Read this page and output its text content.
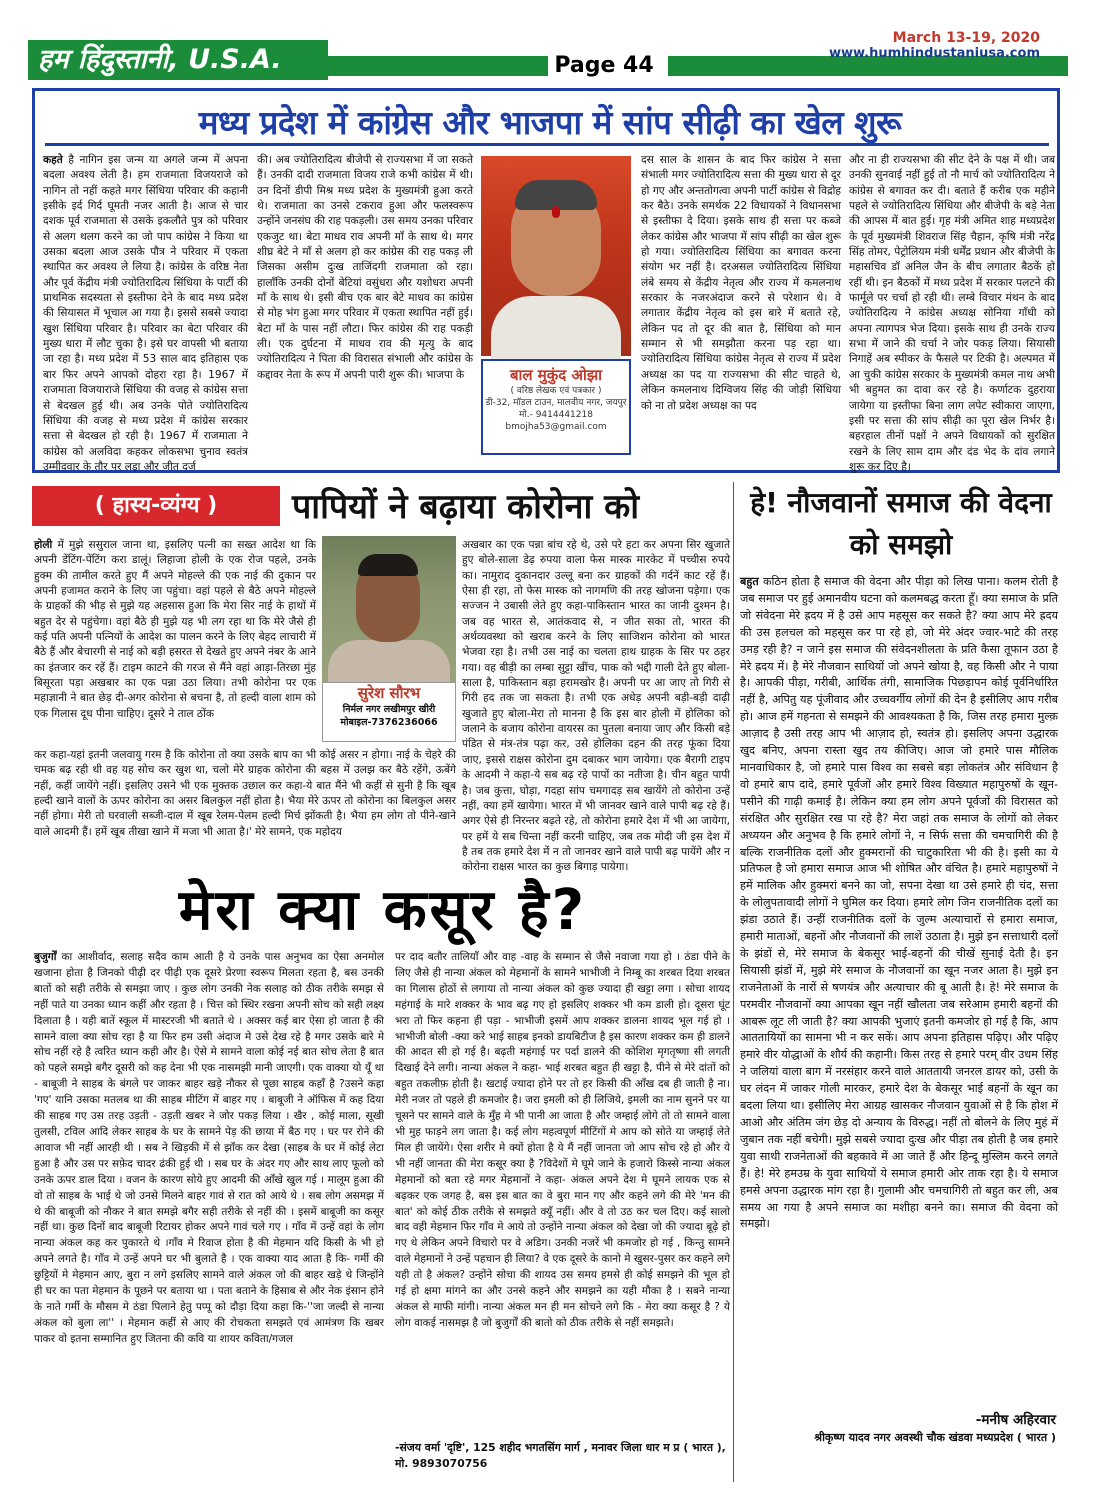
हम हिंदुस्तानी, U.S.A.	Page 44
March 13-19, 2020
www.humhindustaniusa.com
मध्य प्रदेश में कांग्रेस और भाजपा में सांप सीढ़ी का खेल शुरू
कहते है नागिन इस जन्म या अगले जन्म में अपना बदला अवश्य लेती है। हम राजमाता विजयराजे को नागिन तो नहीं कहते मगर सिंधिया परिवार की कहानी इसीके इर्द गिर्द घूमती नजर आती है। आज से चार दशक पूर्व राजमाता से उसके इकलौते पुत्र को परिवार से अलग थलग करने का जो पाप कांग्रेस ने किया था उसका बदला आज उसके पौत्र ने परिवार में एकता स्थापित कर अवश्य ले लिया है। कांग्रेस के वरिष्ठ नेता और पूर्व केंद्रीय मंत्री ज्योतिरादित्य सिंधिया के पार्टी की प्राथमिक सदस्यता से इस्तीफा देने के बाद मध्य प्रदेश की सियासत में भूचाल आ गया है। इससे सबसे ज्यादा खुश सिंधिया परिवार है। परिवार का बेटा परिवार की मुख्य धारा में लौट चुका है। इसे घर वापसी भी बताया जा रहा है। मध्य प्रदेश में 53 साल बाद इतिहास एक बार फिर अपने आपको दोहरा रहा है। 1967 में राजमाता विजयाराजे सिंधिया की वजह से कांग्रेस सत्ता से बेदखल हुई थी। अब उनके पोते ज्योतिरादित्य सिंधिया की वजह से मध्य प्रदेश में कांग्रेस सरकार सत्ता से बेदखल हो रही है। 1967 में राजमाता ने कांग्रेस को अलविदा कहकर लोकसभा चुनाव स्वतंत्र उम्मीदवार के तौर पर लड़ा और जीत दर्ज
की। अब ज्योतिरादित्य बीजेपी से राज्यसभा में जा सकते हैं। उनकी दादी राजमाता विजय राजे कभी कांग्रेस में थी। उन दिनों डीपी मिश्र मध्य प्रदेश के मुख्यमंत्री हुआ करते थे। राजमाता का उनसे टकराव हुआ और फलस्वरूप उन्होंने जनसंघ की राह पकड़ली। उस समय उनका परिवार एकजुट था। बेटा माधव राव अपनी माँ के साथ थे। मगर शीघ्र बेटे ने माँ से अलग हो कर कांग्रेस की राह पकड़ ली जिसका असीम दुःख ताजिंदगी राजमाता को रहा। हालाँकि उनकी दोनों बेटियां वसुंधरा और यशोधरा अपनी माँ के साथ थे। इसी बीच एक बार बेटे माधव का कांग्रेस से मोह भंग हुआ मगर परिवार में एकता स्थापित नहीं हुई। बेटा माँ के पास नहीं लौटा। फिर कांग्रेस की राह पकड़ी ली। एक दुर्घटना में माधव राव की मृत्यु के बाद ज्योतिरादित्य ने पिता की विरासत संभाली और कांग्रेस के कद्दावर नेता के रूप में अपनी पारी शुरू की। भाजपा के	बाल मुकुंद ओझा
( वरिष्ठ लेखक एवं पत्रकार )
डी-32, मॉडल टाउन, मालवीय नगर, जयपुर
मो.- 9414441218
bmojha53@gmail.com
दस साल के शासन के बाद फिर कांग्रेस ने सत्ता संभाली मगर ज्योतिरादित्य सत्ता की मुख्य धारा से दूर हो गए और अन्ततोगत्वा अपनी पार्टी कांग्रेस से विद्रोह कर बैठे। उनके समर्थक 22 विधायकों ने विधानसभा से इस्तीफा दे दिया। इसके साथ ही सत्ता पर कब्जे लेकर कांग्रेस और भाजपा में सांप सीढ़ी का खेल शुरू हो गया। ज्योतिरादित्य सिंधिया का बगावत करना संयोग भर नहीं है। दरअसल ज्योतिरादित्य सिंधिया लंबे समय से केंद्रीय नेतृत्व और राज्य में कमलनाथ सरकार के नजरअंदाज करने से परेशान थे। वे लगातार केंद्रीय नेतृत्व को इस बारे में बताते रहे, लेकिन पद तो दूर की बात है, सिंधिया को मान सम्मान से भी समझौता करना पड़ रहा था। ज्योतिरादित्य सिंधिया कांग्रेस नेतृत्व से राज्य में प्रदेश अध्यक्ष का पद या राज्यसभा की सीट चाहते थे, लेकिन कमलनाथ दिग्विजय सिंह की जोड़ी सिंधिया को ना तो प्रदेश अध्यक्ष का पद
और ना ही राज्यसभा की सीट देने के पक्ष में थी। जब उनकी सुनवाई नहीं हुई तो नौ मार्च को ज्योतिरादित्य ने कांग्रेस से बगावत कर दी। बताते हैं करीब एक महीने पहले से ज्योतिरादित्य सिंधिया और बीजेपी के बड़े नेता की आपस में बात हुई। गृह मंत्री अमित शाह मध्यप्रदेश के पूर्व मुख्यमंत्री शिवराज सिंह चैहान, कृषि मंत्री नरेंद्र सिंह तोमर, पेट्रोलियम मंत्री धर्मेंद्र प्रधान और बीजेपी के महासचिव डॉ अनिल जैन के बीच लगातार बैठकें हो रहीं थी। इन बैठकों में मध्य प्रदेश में सरकार पलटने की फार्मूले पर चर्चा हो रही थी। लम्बे विचार मंथन के बाद ज्योतिरादित्य ने कांग्रेस अध्यक्ष सोनिया गाँधी को अपना त्यागपत्र भेज दिया। इसके साथ ही उनके राज्य सभा में जाने की चर्चा ने जोर पकड़ लिया। सियासी निगाहें अब स्पीकर के फैसले पर टिकी है। अल्पमत में आ चुकी कांग्रेस सरकार के मुख्यमंत्री कमल नाथ अभी भी बहुमत का दावा कर रहे है। कर्णाटक दुहराया जायेगा या इस्तीफा बिना लाग लपेट स्वीकारा जाएगा, इसी पर सत्ता की सांप सीढ़ी का पूरा खेल निर्भर है। बहरहाल तीनों पक्षों ने अपने विधायकों को सुरक्षित रखने के लिए साम दाम और दंड भेद के दांव लगाने शुरू कर दिए है।
( हास्य-व्यंग्य )	पापियों ने बढ़ाया कोरोना को
होली में मुझे ससुराल जाना था, इसलिए पत्नी का सख्त आदेश था कि अपनी डेंटिंग-पेंटिंग करा डालूं। लिहाजा होली के एक रोज पहले, उनके हुक्म की तामील करते हुए मैं अपने मोहल्ले की एक नाई की दुकान पर अपनी हजामत कराने के लिए जा पहुंचा। वहां पहले से बैठे अपने मोहल्ले के ग्राहकों की भीड़ से मुझे यह अहसास हुआ कि मेरा सिर नाई के हाथों में बहुत देर से पहुंचेगा। वहां बैठे ही मुझे यह भी लग रहा था कि मेरे जैसे ही कई पति अपनी पत्नियों के आदेश का पालन करने के लिए बेहद लाचारी में बैठे हैं और बेचारगी से नाई को बड़ी हसरत से देखते हुए अपने नंबर के आने का इंतजार कर रहें हैं। टाइम काटने की गरज से मैंने वहां आड़ा-तिरछा मुंह बिसूरता पड़ा अखबार का एक पन्ना उठा लिया। तभी कोरोना पर एक महाज्ञानी ने बात छेड़ दी-अगर कोरोना से बचना है, तो हल्दी वाला शाम को एक गिलास दूध पीना चाहिए। दूसरे ने ताल ठोंक
सुरेश सौरभ
निर्मल नगर लखीमपुर खीरी
मोबाइल-7376236066
कर कहा-यहां इतनी जलवायु गरम है कि कोरोना तो क्या उसके बाप का भी कोई असर न होगा। नाई के चेहरे की चमक बढ़ रही थी वह यह सोच कर खुश था, चलो मेरे ग्राहक कोरोना की बहस में उलझ कर बैठे रहेंगे, ऊबेंगे नहीं, कहीं जायेंगे नहीं। इसलिए उसने भी एक मुक्तक उछाल कर कहा-ये बात मैंने भी कहीं से सुनी है कि खूब हल्दी खाने वालों के ऊपर कोरोना का असर बिलकुल नहीं होता है। भैया मेरे ऊपर तो कोरोना का बिलकुल असर नहीं होगा। मेरी तो घरवाली सब्जी-दाल में खूब रेलम-पेलम हल्दी मिर्च झोंकती है। भैया हम लोग तो पीने-खाने वाले आदमी हैं। हमें खूब तीखा खाने में मजा भी आता है।' मेरे सामने, एक महोदय
अखबार का एक पन्ना बांच रहे थे, उसे परे हटा कर अपना सिर खुजाते हुए बोले-साला डेढ़ रुपया वाला फेस मास्क मारकेट में पच्चीस रुपये का। नामुराद दुकानदार उल्लू बना कर ग्राहकों की गर्दनें काट रहें हैं। ऐसा ही रहा, तो फेस मास्क को नागमणि की तरह खोजना पड़ेगा। एक सज्जन ने उबासी लेते हुए कहा-पाकिस्तान भारत का जानी दुश्मन है। जब वह भारत से, आतंकवाद से, न जीत सका तो, भारत की अर्थव्यवस्था को खराब करने के लिए साजिशन कोरोना को भारत भेजवा रहा है। तभी उस नाई का चलता हाथ ग्राहक के सिर पर ठहर गया। वह बीड़ी का लम्बा सुट्टा खींच, पाक को भद्दी गाली देते हुए बोला-साला है, पाकिस्तान बड़ा हरामखोर है। अपनी पर आ जाए तो गिरी से गिरी हद तक जा सकता है। तभी एक अधेड़ अपनी बड़ी-बड़ी दाढ़ी खुजाते हुए बोला-मेरा तो मानना है कि इस बार होली में होलिका को जलाने के बजाय कोरोना वायरस का पुतला बनाया जाए और किसी बड़े पंडित से मंत्र-तंत्र पढ़ा कर, उसे होलिका दहन की तरह फूंका दिया जाए, इससे राक्षस कोरोना दुम दबाकर भाग जायेगा। एक बैरागी टाइप के आदमी ने कहा-ये सब बढ़ रहे पापों का नतीजा है। चीन बहुत पापी है। जब कुत्ता, घोड़ा, गदहा सांप चमगादड़ सब खायेंगे तो कोरोना उन्हें नहीं, क्या हमें खायेगा। भारत में भी जानवर खाने वाले पापी बढ़ रहे हैं। अगर ऐसे ही निरन्तर बढ़ते रहे, तो कोरोना हमारे देश में भी आ जायेगा, पर हमें ये सब चिन्ता नहीं करनी चाहिए, जब तक मोदी जी इस देश में है तब तक हमारे देश में न तो जानवर खाने वाले पापी बढ़ पायेंगे और न कोरोना राक्षस भारत का कुछ बिगाड़ पायेगा।
हे! नौजवानों समाज की वेदना को समझो
बहुत कठिन होता है समाज की वेदना और पीड़ा को लिख पाना। कलम रोती है जब समाज पर हुई अमानवीय घटना को कलमबद्ध करता हूँ। क्या समाज के प्रति जो संवेदना मेरे ह्रदय में है उसे आप महसूस कर सकते है? क्या आप मेरे ह्रदय की उस हलचल को महसूस कर पा रहे हो, जो मेरे अंदर ज्वार-भाटे की तरह उमड़ रही है? न जाने इस समाज की संवेदनशीलता के प्रति कैसा तूफान उठा है मेरे ह्रदय में। है मेरे नौजवान साथियों जो अपने खोया है, वह किसी और ने पाया है। आपकी पीड़ा, गरीबी, आर्थिक तंगी, सामाजिक पिछड़ापन कोई पूर्वनिर्धारित नहीं है, अपितु यह पूंजीवाद और उच्चवर्गीय लोगों की देन है इसीलिए आप गरीब हो। आज हमें गहनता से समझने की आवश्यकता है कि, जिस तरह हमारा मुल्क़ आज़ाद है उसी तरह आप भी आज़ाद हो, स्वतंत्र हो। इसलिए अपना उद्धारक खुद बनिए, अपना रास्ता खुद तय कीजिए। आज जो हमारे पास मौलिक मानवाधिकार है, जो हमारे पास विश्व का सबसे बड़ा लोकतंत्र और संविधान है वो हमारे बाप दादे, हमारे पूर्वजों और हमारे विश्व विख्यात महापुरुषों के खून-पसीने की गाढ़ी कमाई है। लेकिन क्या हम लोग अपने पूर्वजों की विरासत को संरक्षित और सुरक्षित रख पा रहे है? मेरा जहां तक समाज के लोगों को लेकर अध्ययन और अनुभव है कि हमारे लोगों ने, न सिर्फ सत्ता की चमचागिरी की है बल्कि राजनीतिक दलों और हुक्मरानों की चाटुकारिता भी की है। इसी का ये प्रतिफल है जो हमारा समाज आज भी शोषित और वंचित है। हमारे महापुरुषों ने हमें मालिक और हुक्मरां बनने का जो, सपना देखा था उसे हमारे ही चंद, सत्ता के लोलुपतावादी लोगों ने घुमिल कर दिया। हमारे लोग जिन राजनीतिक दलों का झंडा उठाते हैं। उन्हीं राजनीतिक दलों के जुल्म अत्याचारों से हमारा समाज, हमारी माताओं, बहनों और नौजवानों की लाशें उठाता है। मुझे इन सत्ताधारी दलों के झंडों से, मेरे समाज के बेकसूर भाई-बहनों की चीखें सुनाई देती है। इन सियासी झंडों में, मुझे मेरे समाज के नौजवानों का खून नजर आता है। मुझे इन राजनेताओं के नारों से षणयंत्र और अत्याचार की बू आती है। हे! मेरे समाज के परमवीर नौजवानों क्या आपका खून नहीं खौलता जब सरेआम हमारी बहनों की आबरू लूट ली जाती है? क्या आपकी भुजाएं इतनी कमजोर हो गई है कि, आप आततायियों का सामना भी न कर सकें। आप अपना इतिहास पढ़िए। और पढ़िए हमारे वीर योद्धाओं के शौर्य की कहानी। किस तरह से हमारे परम् वीर उधम सिंह ने जलियां वाला बाग में नरसंहार करने वाले आततायी जनरल डायर को, उसी के घर लंदन में जाकर गोली मारकर, हमारे देश के बेकसूर भाई बहनों के खून का बदला लिया था। इसीलिए मेरा आग्रह खासकर नौजवान युवाओं से है कि होश में आओ और अंतिम जंग छेड़ दो अन्याय के विरुद्ध। नहीं तो बोलने के लिए मुहं में जुबान तक नहीं बचेगी। मुझे सबसे ज्यादा दुःख और पीड़ा तब होती है जब हमारे युवा साथी राजनेताओं की बहकावे में आ जाते हैं और हिन्दू मुस्लिम करने लगते हैं। हे! मेरे हमउम्र के युवा साथियों ये समाज हमारी ओर ताक रहा है। ये समाज हमसे अपना उद्धारक मांग रहा है। गुलामी और चमचागिरी तो बहुत कर ली, अब समय आ गया है अपने समाज का मशीहा बनने का। समाज की वेदना को समझो।
-मनीष अहिरवार
श्रीकृष्ण यादव नगर अवस्थी चौक खंडवा मध्यप्रदेश ( भारत )
मेरा क्या कसूर है?
बुजुर्गों का आशीर्वाद, सलाह सदैव काम आती है ये उनके पास अनुभव का ऐसा अनमोल खजाना होता है जिनको पीढ़ी दर पीढ़ी एक दूसरे प्रेरणा स्वरूप मिलता रहता है, बस उनकी बातों को सही तरीके से समझा जाए । कुछ लोग उनकी नेक सलाह को ठीक तरीके समझ से नहीं पाते या उनका ध्यान कहीं और रहता है । चित्त को स्थिर रखना अपनी सोच को सही लक्ष्य दिलाता है । यही बातें स्कूल में मास्टरजी भी बताते थे । अक्सर कई बार ऐसा हो जाता है की सामने वाला क्या सोच रहा है या फिर हम उसी अंदाज मे उसे देख रहे है मगर उसके बारे मे सोच नहीं रहे है त्वरित ध्यान कही और है। ऐसे मे सामने वाला कोई नई बात सोच लेता है बात को पहले समझे बगैर दूसरी को कह देना भी एक नासमझी मानी जाएगी। एक वाक्या यो यूँ था - बाबूजी ने साहब के बंगले पर जाकर बाहर खड़े नौकर से पूछा साहब कहाँ है ?उसने कहा 'गए' यानि उसका मतलब था की साहब मीटिंग में बाहर गए । बाबूजी ने ऑफिस में कह दिया की साहब गए उस तरह उड़ती - उड़ती खबर ने जोर पकड़ लिया । खैर , कोई माला, सूखी तुलसी, टविल आदि लेकर साहब के घर के सामने पेड़ की छाया में बैठ गए । घर पर रोने की आवाज भी नहीं आरही थी । सब ने खिड़की में से झाँक कर देखा (साहब के घर में कोई लेटा हुआ है और उस पर सफ़ेद चादर ढंकी हुई थी । सब घर के अंदर गए और साथ लाए फूलो को उनके ऊपर डाल दिया । वजन के कारण सोये हुए आदमी की आँखे खुल गई । मालूम हुआ की वो तो साहब के भाई थे जो उनसे मिलने बाहर गावं से रात को आये थे । सब लोग असमझ में थे की बाबूजी को नौकर ने बात समझे बगैर सही तरीके से नहीं की । इसमें बाबूजी का कसूर नहीं था। कुछ दिनों बाद बाबूजी रिटायर होकर अपने गावं चले गए । गाँव में उन्हें वहां के लोग नान्या अंकल कह कर पुकारते थे ।गाँव मे रिवाज होता है की मेहमान यदि किसी के भी हो अपने लगते है। गाँव मे उन्हें अपने घर भी बुलाते है । एक वाक्या याद आता है कि- गर्मी की छुट्टियों मे मेहमान आए, बुरा न लगे इसलिए सामने वाले अंकल जो की बाहर खड़े थे जिन्होंने ही घर का पता मेहमान के पूछने पर बताया था । पता बताने के हिसाब से और नेक इंसान होने के नाते गर्मी के मौसम मे ठंडा पिलाने हेतु पप्पू को दौड़ा दिया कहा कि-''जा जल्दी से नान्या अंकल को बुला ला'' । मेहमान कहीं से आए की रोचकता समझते एवं आमंत्रण कि खबर पाकर वो इतना सम्मानित हुए जितना की कवि या शायर कविता/गजल
पर दाद बतौर तालियाँ और वाह -वाह के सम्मान से जैसे नवाजा गया हो । ठंडा पीने के लिए जैसे ही नान्या अंकल को मेहमानों के सामने भाभीजी ने निम्बू का शरबत दिया शरबत का गिलास होठों से लगाया तो नान्या अंकल को कुछ ज्यादा ही खट्टा लगा । सोचा शायद महंगाई के मारे शक्कर के भाव बढ़ गए हो इसलिए शक्कर भी कम डाली हो। दूसरा घूंट भरा तो फिर कहना ही पड़ा - भाभीजी इसमें आप शक्कर डालना शायद भूल गई हो । भाभीजी बोली -क्या करे भाई साहब इनको डायबिटीज है इस कारण शक्कर कम ही डालने की आदत सी हो गई है। बढ़ती महंगाई पर पर्दा डालने की कोशिश मृगतृष्णा सी लगती दिखाई देने लगी। नान्या अंकल ने कहा- भाई शरबत बहुत ही खट्टा है, पीने से मेरे दांतों को बहुत तकलीफ़ होती है। खटाई ज्यादा होने पर तो हर किसी की आँख दब ही जाती है ना। मेरी नजर तो पहले ही कमजोर है। जरा इमली को ही लिजिये, इमली का नाम सुनने पर या चूसने पर सामने वाले के मुँह मे भी पानी आ जाता है और जम्हाई लोगे तो तो सामने वाला भी मुह फाड़ने लग जाता है। कई लोग महत्वपूर्ण मीटिंगों मे आप को सोते या जम्हाई लेते मिल ही जायेंगे। ऐसा शरीर मे क्यों होता है ये मैं नहीं जानता जो आप सोच रहे हो और ये भी नहीं जानता की मेरा कसूर क्या है ?विदेशों मे घूमे जाने के हजारो किस्से नान्या अंकल मेहमानों को बता रहे मगर मेहमानों ने कहा- अंकल अपने देश मे घूमने लायक एक से बढ़कर एक जगह है, बस इस बात का वे बुरा मान गए और कहने लगे की मेरे 'मन की बात' को कोई ठीक तरीके से समझते क्यूँ नहीं। और वे तो उठ कर चल दिए। कई सालो बाद वही मेहमान फिर गाँव मे आये तो उन्होंने नान्या अंकल को देखा जो की ज्यादा बूढ़े हो गए थे लेकिन अपने विचारो पर वे अडिग। उनकी नजरें भी कमजोर हो गई , किन्तु सामने वाले मेहमानों ने उन्हें पहचान ही लिया? वे एक दूसरे के कानो मे खुसर-पुसर कर कहने लगे यही तो है अंकल? उन्होंने सोचा की शायद उस समय हमसे ही कोई समझने की भूल हो गई हो क्षमा मांगने का और उनसे कहने और समझने का यही मौका है । सबने नान्या अंकल से माफी मांगी। नान्या अंकल मन ही मन सोचने लगे कि - मेरा क्या कसूर है ? ये लोग वाकई नासमझ है जो बुजुर्गों की बातो को ठीक तरीके से नहीं समझते।
-संजय वर्मा 'दृष्टि', 125 शहीद भगतसिंग मार्ग , मनावर जिला धार म प्र ( भारत ), मो. 9893070756
